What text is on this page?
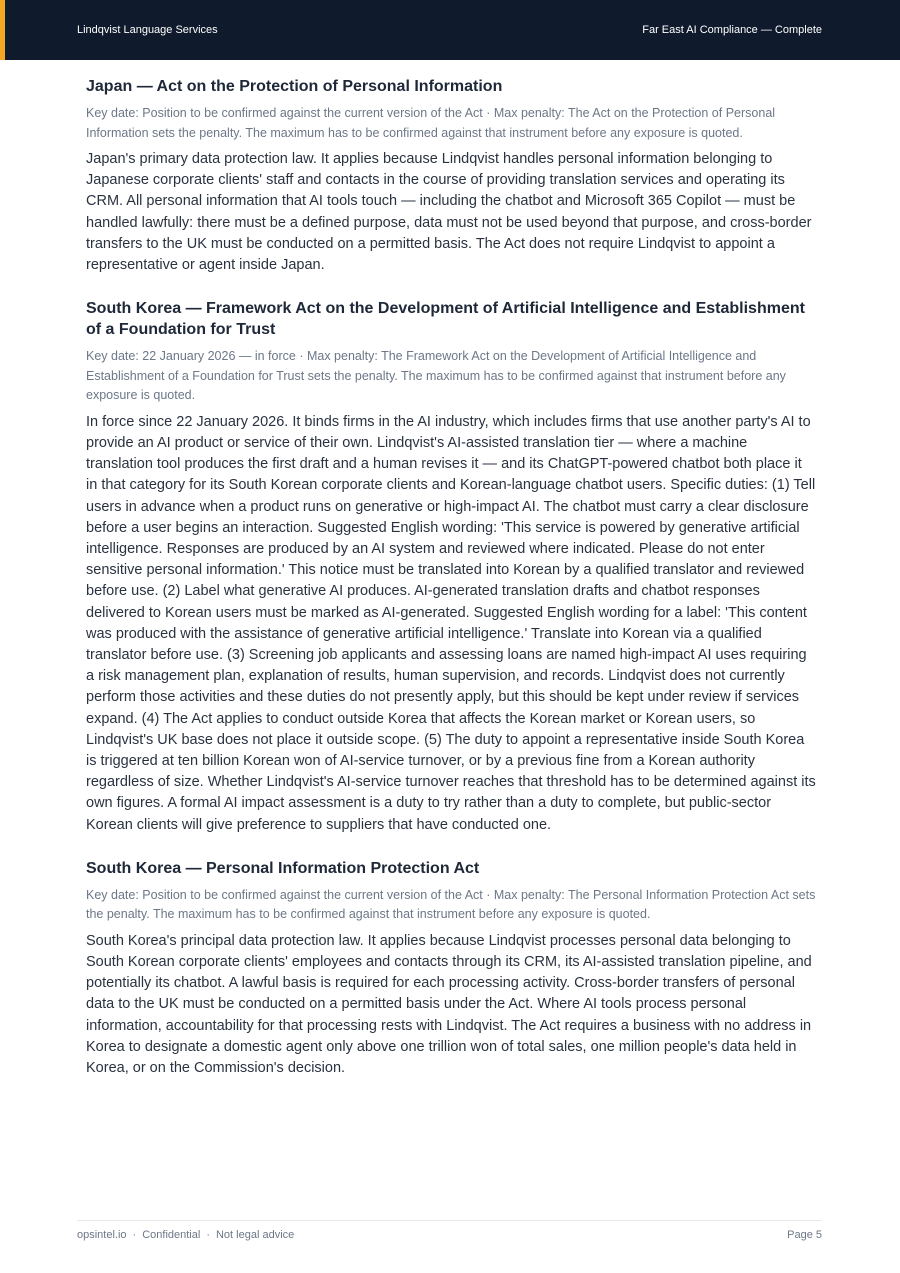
Lindqvist Language Services	Far East AI Compliance — Complete
Japan — Act on the Protection of Personal Information

Key date: Position to be confirmed against the current version of the Act · Max penalty: The Act on the Protection of Personal Information sets the penalty. The maximum has to be confirmed against that instrument before any exposure is quoted.

Japan's primary data protection law. It applies because Lindqvist handles personal information belonging to Japanese corporate clients' staff and contacts in the course of providing translation services and operating its CRM. All personal information that AI tools touch — including the chatbot and Microsoft 365 Copilot — must be handled lawfully: there must be a defined purpose, data must not be used beyond that purpose, and cross-border transfers to the UK must be conducted on a permitted basis. The Act does not require Lindqvist to appoint a representative or agent inside Japan.

South Korea — Framework Act on the Development of Artificial Intelligence and Establishment of a Foundation for Trust

Key date: 22 January 2026 — in force · Max penalty: The Framework Act on the Development of Artificial Intelligence and Establishment of a Foundation for Trust sets the penalty. The maximum has to be confirmed against that instrument before any exposure is quoted.

In force since 22 January 2026. It binds firms in the AI industry, which includes firms that use another party's AI to provide an AI product or service of their own. Lindqvist's AI-assisted translation tier — where a machine translation tool produces the first draft and a human revises it — and its ChatGPT-powered chatbot both place it in that category for its South Korean corporate clients and Korean-language chatbot users. Specific duties: (1) Tell users in advance when a product runs on generative or high-impact AI. The chatbot must carry a clear disclosure before a user begins an interaction. Suggested English wording: 'This service is powered by generative artificial intelligence. Responses are produced by an AI system and reviewed where indicated. Please do not enter sensitive personal information.' This notice must be translated into Korean by a qualified translator and reviewed before use. (2) Label what generative AI produces. AI-generated translation drafts and chatbot responses delivered to Korean users must be marked as AI-generated. Suggested English wording for a label: 'This content was produced with the assistance of generative artificial intelligence.' Translate into Korean via a qualified translator before use. (3) Screening job applicants and assessing loans are named high-impact AI uses requiring a risk management plan, explanation of results, human supervision, and records. Lindqvist does not currently perform those activities and these duties do not presently apply, but this should be kept under review if services expand. (4) The Act applies to conduct outside Korea that affects the Korean market or Korean users, so Lindqvist's UK base does not place it outside scope. (5) The duty to appoint a representative inside South Korea is triggered at ten billion Korean won of AI-service turnover, or by a previous fine from a Korean authority regardless of size. Whether Lindqvist's AI-service turnover reaches that threshold has to be determined against its own figures. A formal AI impact assessment is a duty to try rather than a duty to complete, but public-sector Korean clients will give preference to suppliers that have conducted one.

South Korea — Personal Information Protection Act

Key date: Position to be confirmed against the current version of the Act · Max penalty: The Personal Information Protection Act sets the penalty. The maximum has to be confirmed against that instrument before any exposure is quoted.

South Korea's principal data protection law. It applies because Lindqvist processes personal data belonging to South Korean corporate clients' employees and contacts through its CRM, its AI-assisted translation pipeline, and potentially its chatbot. A lawful basis is required for each processing activity. Cross-border transfers of personal data to the UK must be conducted on a permitted basis under the Act. Where AI tools process personal information, accountability for that processing rests with Lindqvist. The Act requires a business with no address in Korea to designate a domestic agent only above one trillion won of total sales, one million people's data held in Korea, or on the Commission's decision.

opsintel.io · Confidential · Not legal advice	Page 5
